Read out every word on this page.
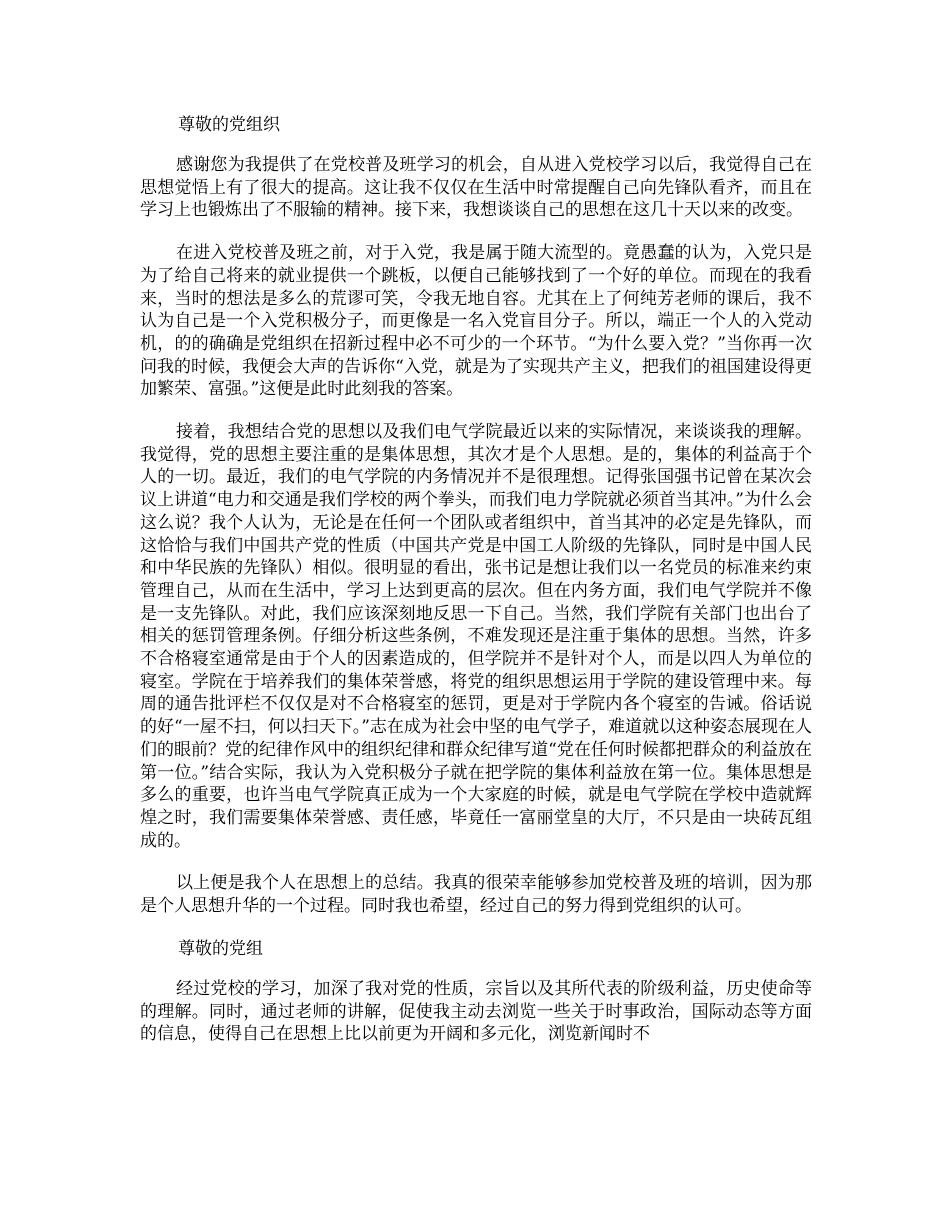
尊敬的党组织

感谢您为我提供了在党校普及班学习的机会，自从进入党校学习以后，我觉得自己在思想觉悟上有了很大的提高。这让我不仅仅在生活中时常提醒自己向先锋队看齐，而且在学习上也锻炼出了不服输的精神。接下来，我想谈谈自己的思想在这几十天以来的改变。

在进入党校普及班之前，对于入党，我是属于随大流型的。竟愚蠢的认为，入党只是为了给自己将来的就业提供一个跳板，以便自己能够找到了一个好的单位。而现在的我看来，当时的想法是多么的荒谬可笑，令我无地自容。尤其在上了何纯芳老师的课后，我不认为自己是一个入党积极分子，而更像是一名入党盲目分子。所以，端正一个人的入党动机，的的确确是党组织在招新过程中必不可少的一个环节。“为什么要入党？”当你再一次问我的时候，我便会大声的告诉你“入党，就是为了实现共产主义，把我们的祖国建设得更加繁荣、富强。”这便是此时此刻我的答案。

接着，我想结合党的思想以及我们电气学院最近以来的实际情况，来谈谈我的理解。我觉得，党的思想主要注重的是集体思想，其次才是个人思想。是的，集体的利益高于个人的一切。最近，我们的电气学院的内务情况并不是很理想。记得张国强书记曾在某次会议上讲道“电力和交通是我们学校的两个拳头，而我们电力学院就必须首当其冲。”为什么会这么说？我个人认为，无论是在任何一个团队或者组织中，首当其冲的必定是先锋队，而这恰恰与我们中国共产党的性质（中国共产党是中国工人阶级的先锋队，同时是中国人民和中华民族的先锋队）相似。很明显的看出，张书记是想让我们以一名党员的标准来约束管理自己，从而在生活中，学习上达到更高的层次。但在内务方面，我们电气学院并不像是一支先锋队。对此，我们应该深刻地反思一下自己。当然，我们学院有关部门也出台了相关的惩罚管理条例。仔细分析这些条例，不难发现还是注重于集体的思想。当然，许多不合格寝室通常是由于个人的因素造成的，但学院并不是针对个人，而是以四人为单位的寝室。学院在于培养我们的集体荣誉感，将党的组织思想运用于学院的建设管理中来。每周的通告批评栏不仅仅是对不合格寝室的惩罚，更是对于学院内各个寝室的告诫。俗话说的好“一屋不扫，何以扫天下。”志在成为社会中坚的电气学子，难道就以这种姿态展现在人们的眼前？党的纪律作风中的组织纪律和群众纪律写道“党在任何时候都把群众的利益放在第一位。”结合实际，我认为入党积极分子就在把学院的集体利益放在第一位。集体思想是多么的重要，也许当电气学院真正成为一个大家庭的时候，就是电气学院在学校中造就辉煌之时，我们需要集体荣誉感、责任感，毕竟任一富丽堂皇的大厅，不只是由一块砖瓦组成的。

以上便是我个人在思想上的总结。我真的很荣幸能够参加党校普及班的培训，因为那是个人思想升华的一个过程。同时我也希望，经过自己的努力得到党组织的认可。

尊敬的党组

经过党校的学习，加深了我对党的性质，宗旨以及其所代表的阶级利益，历史使命等的理解。同时，通过老师的讲解，促使我主动去浏览一些关于时事政治，国际动态等方面的信息，使得自己在思想上比以前更为开阔和多元化，浏览新闻时不
